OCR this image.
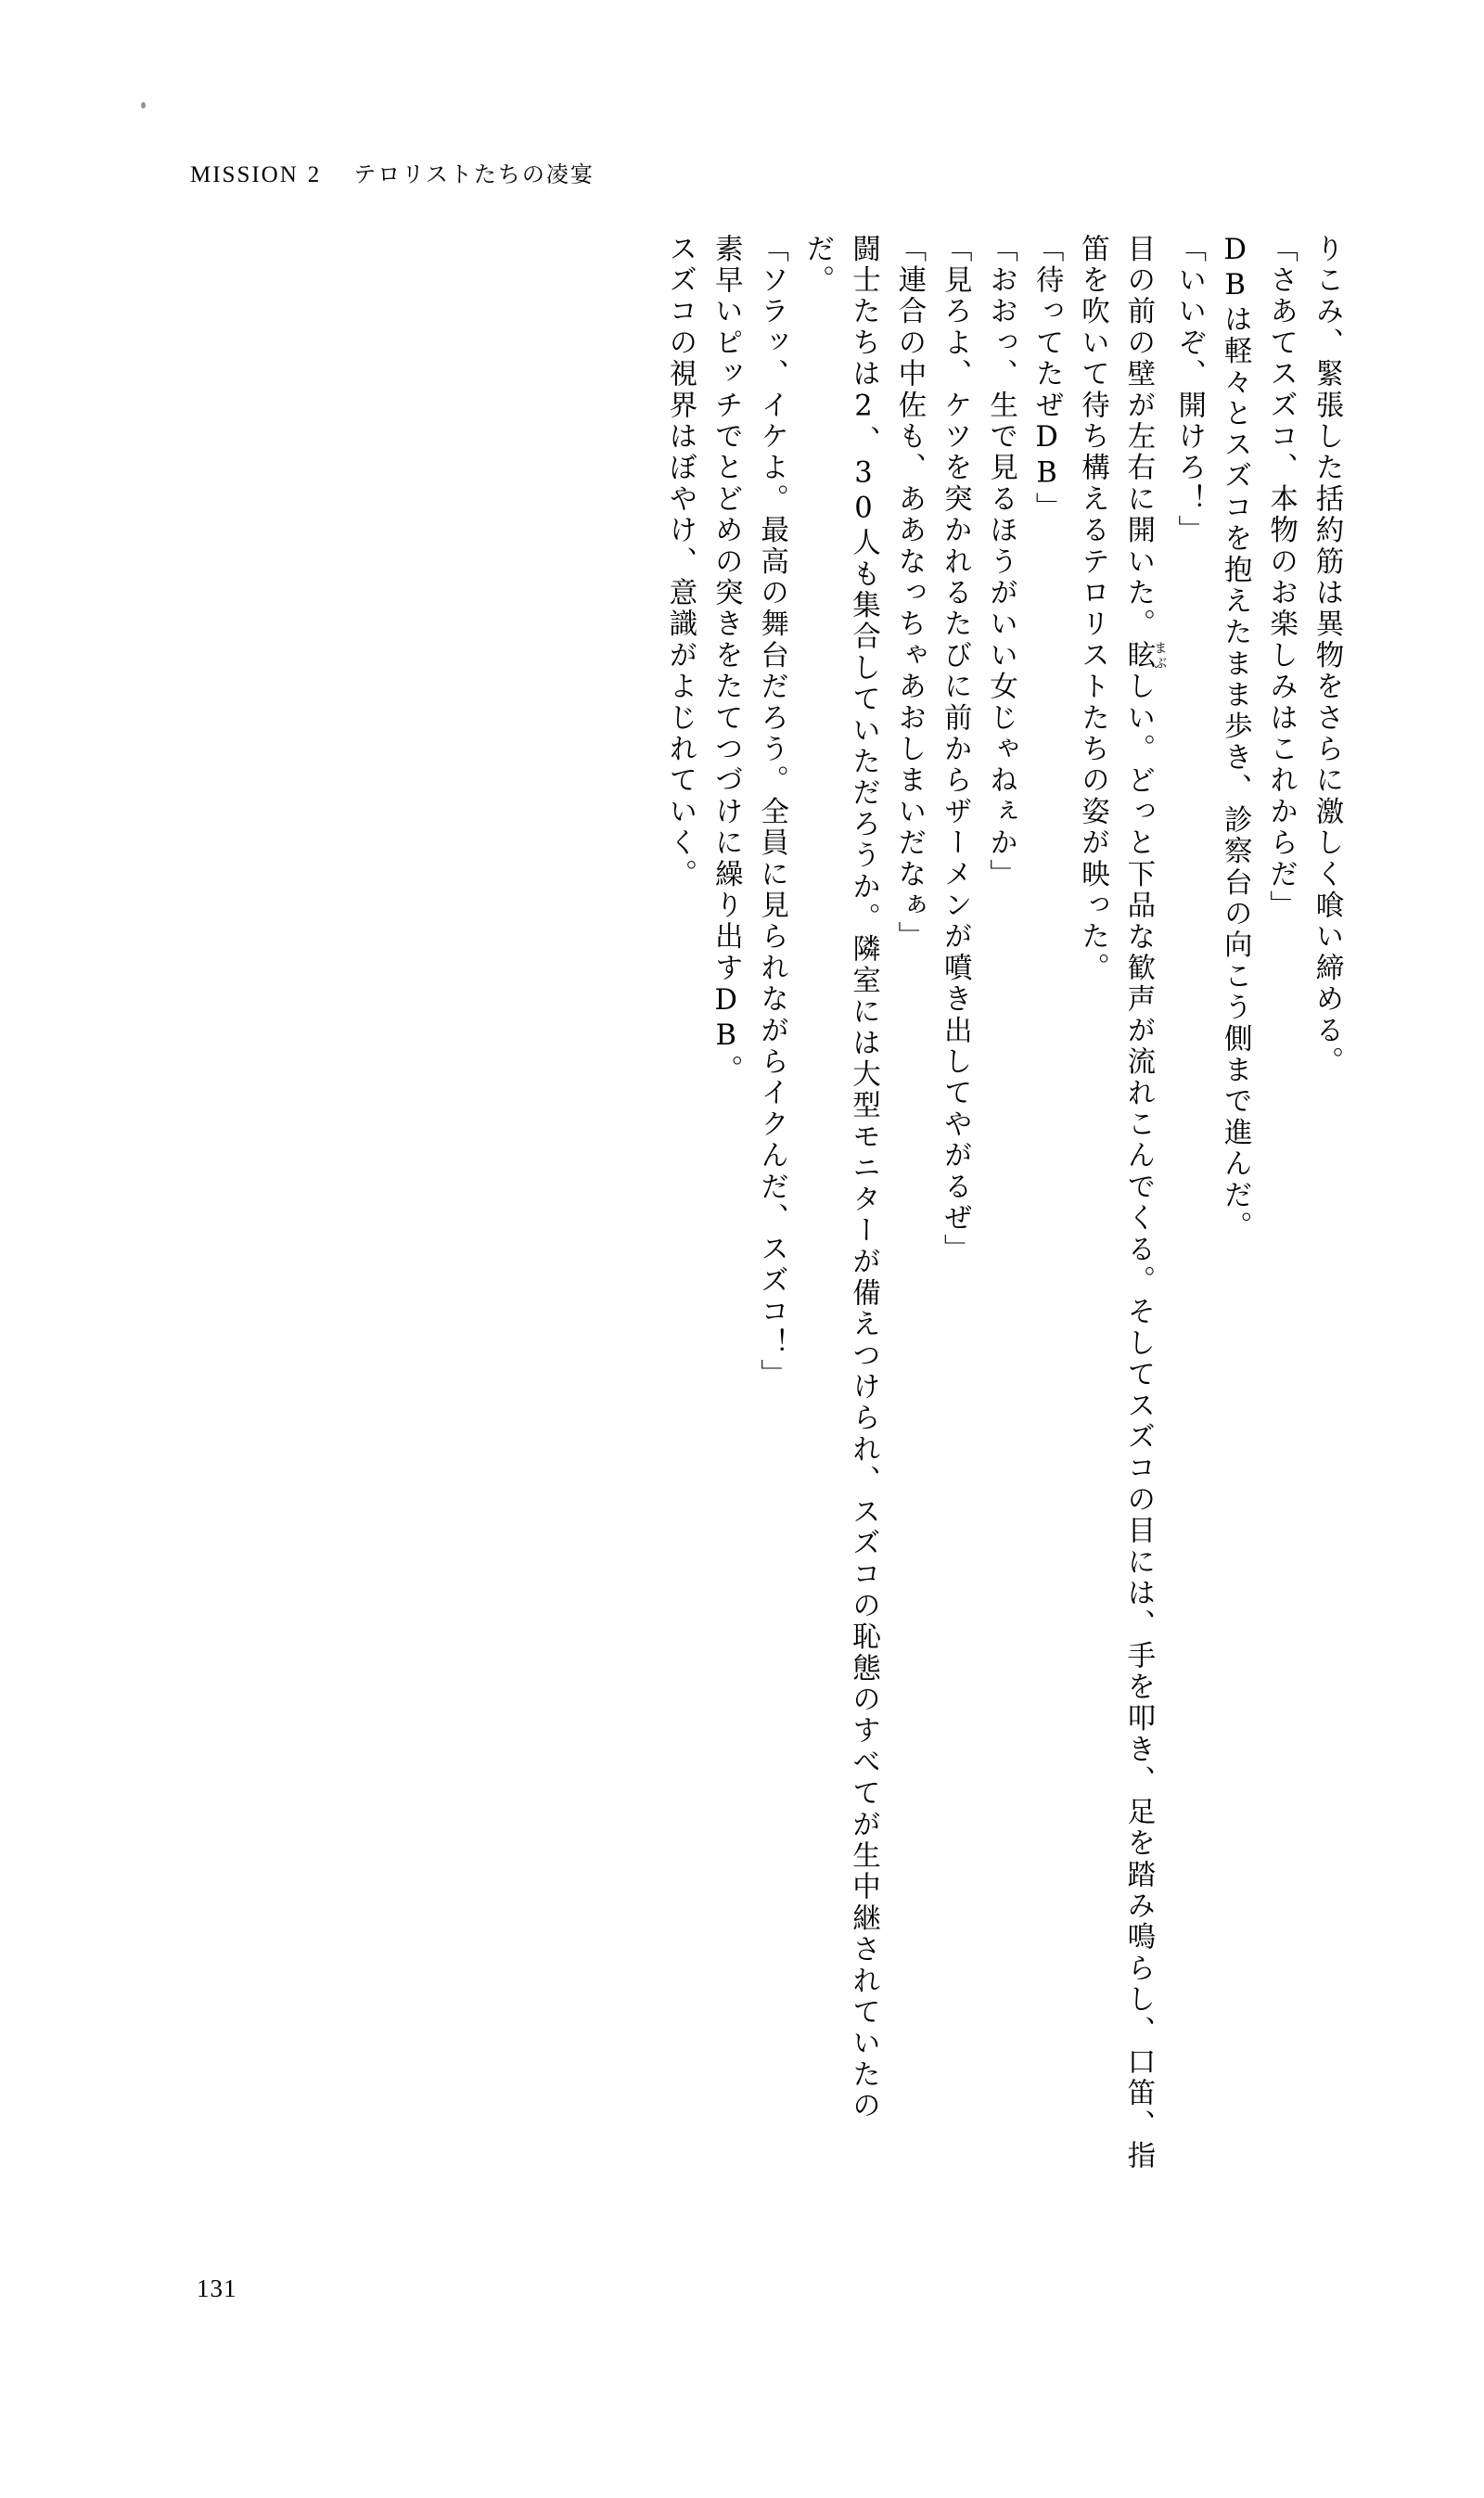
MISSION 2 テロリストたちの凌宴

りこみ、緊張した括約筋は異物をさらに激しく喰い締める。

「さあてスズコ、本物のお楽しみはこれからだ」

DBは軽々とスズコを抱えたまま歩き、診察台の向こう側まで進んだ。

「いいぞ、開けろ！」

目の前の壁が左右に開いた。眩まぶしい。どっと下品な歓声が流れこんでくる。そしてスズコの目には、手を叩き、足を踏み鳴らし、口笛、指笛を吹いて待ち構えるテロリストたちの姿が映った。

「待ってたぜDB」

「おおっ、生で見るほうがいい女じゃねぇか」

「見ろよ、ケツを突かれるたびに前からザーメンが噴き出してやがるぜ」

「連合の中佐も、ああなっちゃあおしまいだなぁ」

闘士たちは2、30人も集合していただろうか。隣室には大型モニターが備えつけられ、スズコの恥態のすべてが生中継されていたのだ。

「ソラッ、イケよ。最高の舞台だろう。全員に見られながらイクんだ、スズコ！」

素早いピッチでとどめの突きをたてつづけに繰り出すDB。

スズコの視界はぼやけ、意識がよじれていく。

131
